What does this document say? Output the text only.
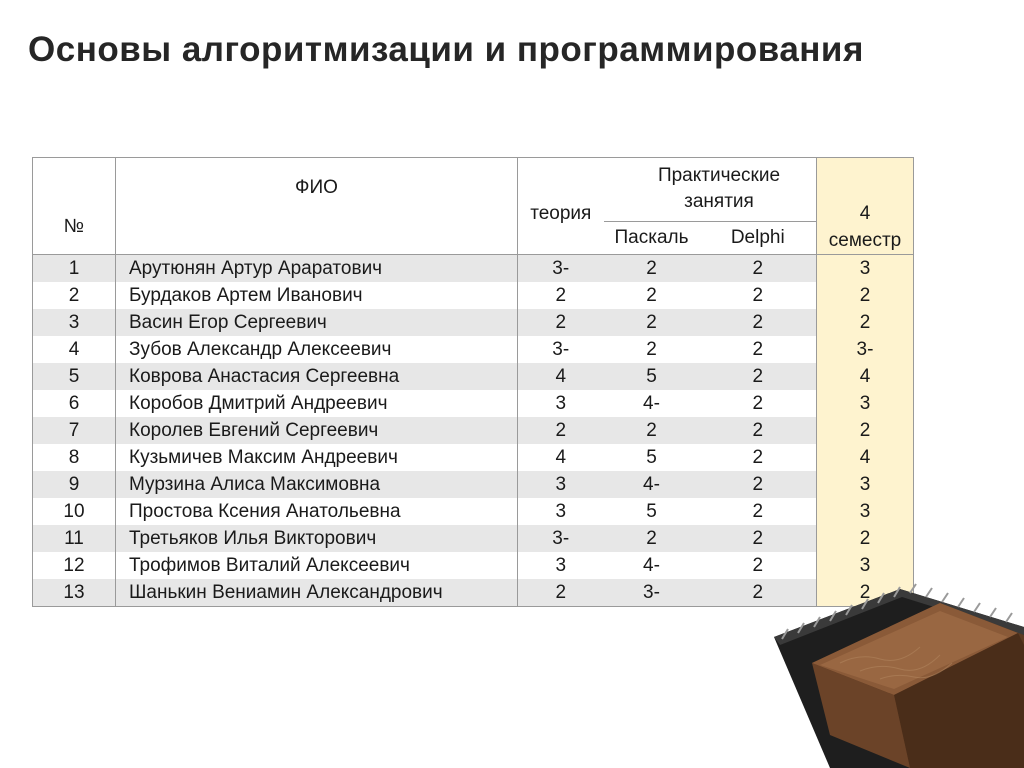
Основы алгоритмизации и программирования
№	ФИО	теория	Практические занятия		4 семестр

			Паскаль	Delphi	
1	Арутюнян Артур Араратович	3-	2	2	3
2	Бурдаков Артем Иванович	2	2	2	2
3	Васин Егор Сергеевич	2	2	2	2
4	Зубов Александр Алексеевич	3-	2	2	3-
5	Коврова Анастасия Сергеевна	4	5	2	4
6	Коробов Дмитрий Андреевич	3	4-	2	3
7	Королев Евгений Сергеевич	2	2	2	2
8	Кузьмичев Максим Андреевич	4	5	2	4
9	Мурзина Алиса Максимовна	3	4-	2	3
10	Простова Ксения Анатольевна	3	5	2	3
11	Третьяков Илья Викторович	3-	2	2	2
12	Трофимов Виталий Алексеевич	3	4-	2	3
13	Шанькин Вениамин Александрович	2	3-	2	2
